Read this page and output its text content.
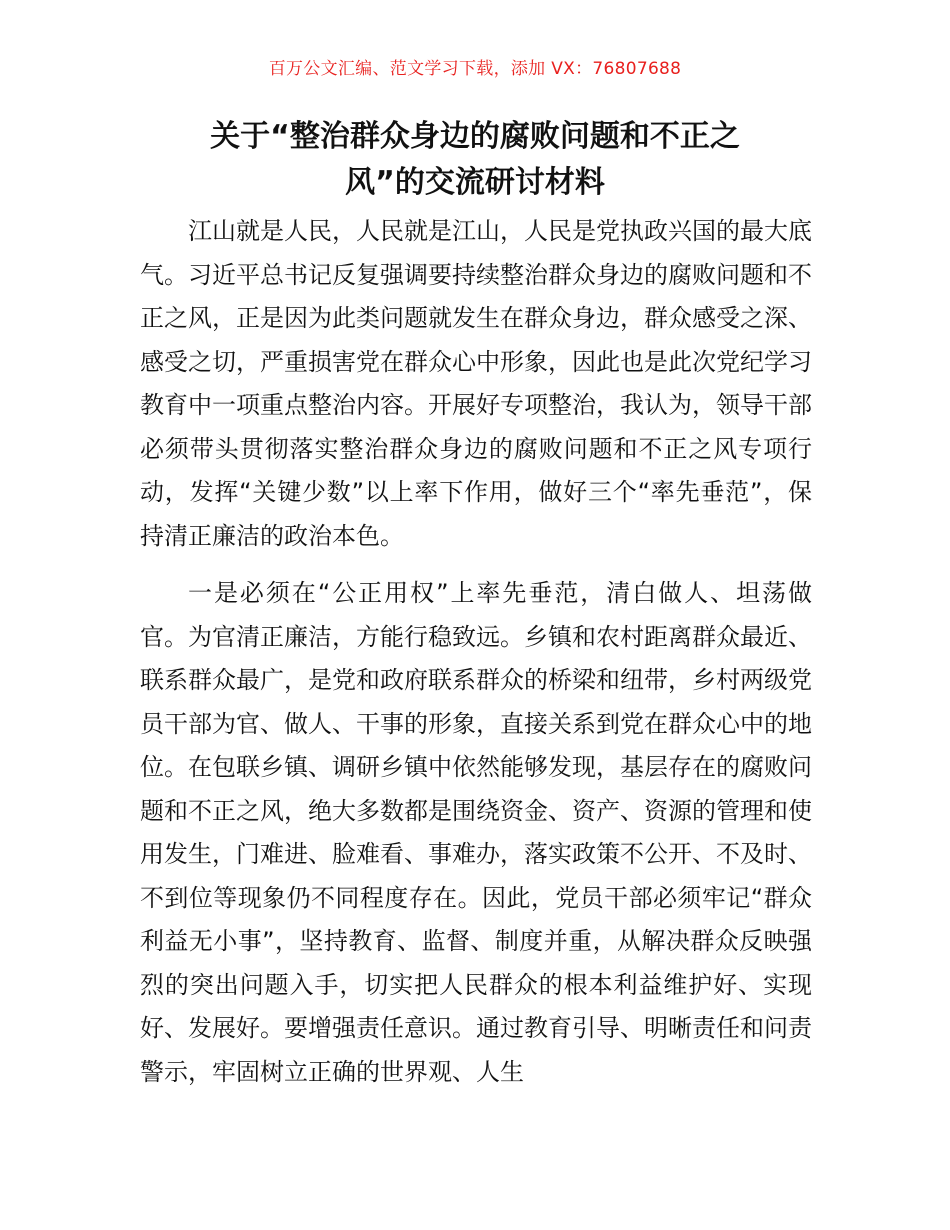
百万公文汇编、范文学习下载，添加 VX：76807688
关于“整治群众身边的腐败问题和不正之
风”的交流研讨材料

江山就是人民，人民就是江山，人民是党执政兴国的最大底气。习近平总书记反复强调要持续整治群众身边的腐败问题和不正之风，正是因为此类问题就发生在群众身边，群众感受之深、感受之切，严重损害党在群众心中形象，因此也是此次党纪学习教育中一项重点整治内容。开展好专项整治，我认为，领导干部必须带头贯彻落实整治群众身边的腐败问题和不正之风专项行动，发挥“关键少数”以上率下作用，做好三个“率先垂范”，保持清正廉洁的政治本色。

一是必须在“公正用权”上率先垂范，清白做人、坦荡做官。为官清正廉洁，方能行稳致远。乡镇和农村距离群众最近、联系群众最广，是党和政府联系群众的桥梁和纽带，乡村两级党员干部为官、做人、干事的形象，直接关系到党在群众心中的地位。在包联乡镇、调研乡镇中依然能够发现，基层存在的腐败问题和不正之风，绝大多数都是围绕资金、资产、资源的管理和使用发生，门难进、脸难看、事难办，落实政策不公开、不及时、不到位等现象仍不同程度存在。因此，党员干部必须牢记“群众利益无小事”，坚持教育、监督、制度并重，从解决群众反映强烈的突出问题入手，切实把人民群众的根本利益维护好、实现好、发展好。要增强责任意识。通过教育引导、明晰责任和问责警示，牢固树立正确的世界观、人生
